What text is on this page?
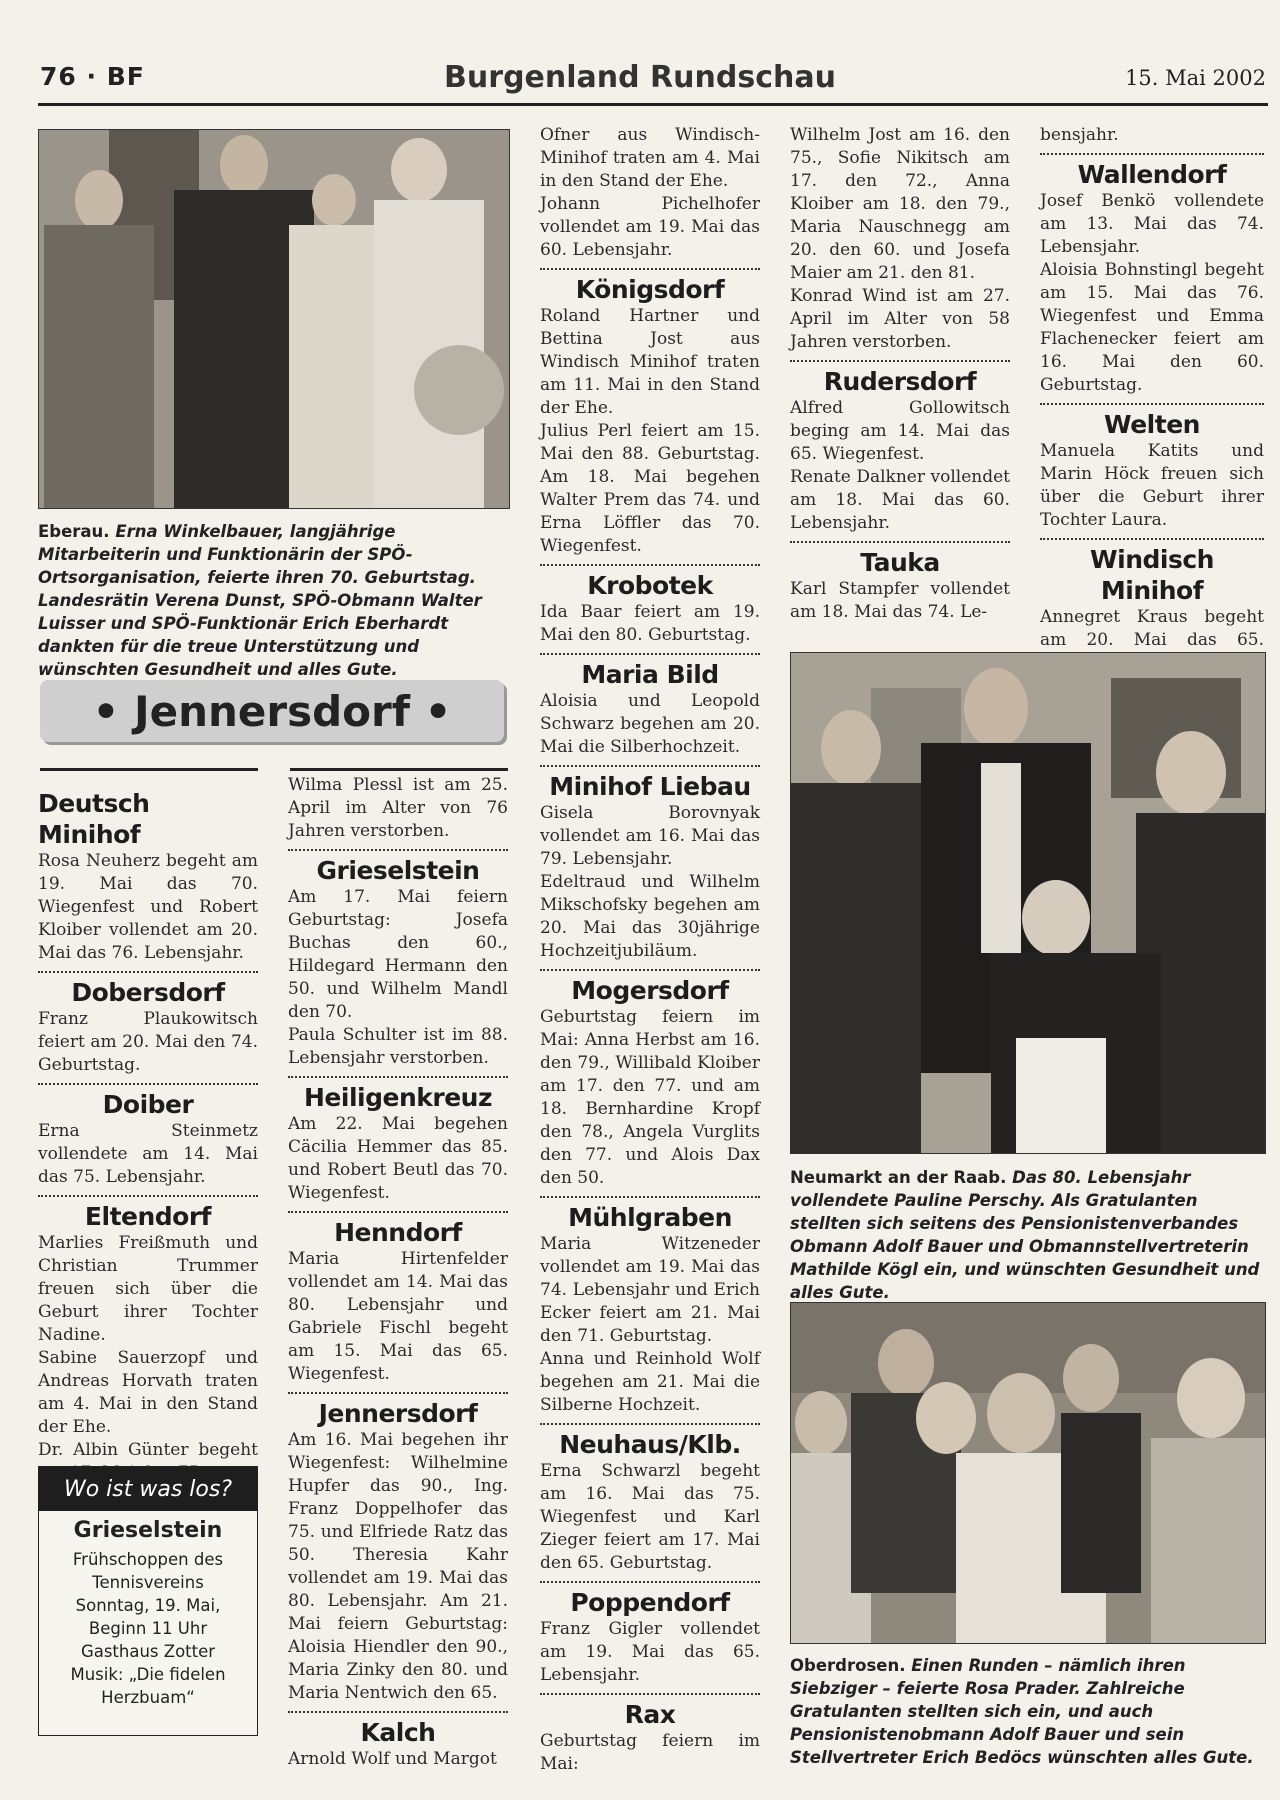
76 · BF	Burgenland Rundschau	15. Mai 2002
Eberau. Erna Winkelbauer, langjährige Mitarbeiterin und Funktionärin der SPÖ-Ortsorganisation, feierte ihren 70. Geburtstag. Landesrätin Verena Dunst, SPÖ-Obmann Walter Luisser und SPÖ-Funktionär Erich Eberhardt dankten für die treue Unterstützung und wünschten Gesundheit und alles Gute.
• Jennersdorf •
Deutsch Minihof

Rosa Neuherz begeht am 19. Mai das 70. Wiegenfest und Robert Kloiber vollendet am 20. Mai das 76. Lebensjahr.

Dobersdorf

Franz Plaukowitsch feiert am 20. Mai den 74. Geburtstag.

Doiber

Erna Steinmetz vollendete am 14. Mai das 75. Lebensjahr.

Eltendorf

Marlies Freißmuth und Christian Trummer freuen sich über die Geburt ihrer Tochter Nadine.

Sabine Sauerzopf und Andreas Horvath traten am 4. Mai in den Stand der Ehe.

Dr. Albin Günter begeht

Wo ist was los?
Grieselstein
Frühschoppen des
Tennisvereins
Sonntag, 19. Mai,
Beginn 11 Uhr
Gasthaus Zotter
Musik: „Die fidelen
Herzbuam“

Wilma Plessl ist am 25. April im Alter von 76 Jahren verstorben.

Grieselstein

Am 17. Mai feiern Geburtstag: Josefa Buchas den 60., Hildegard Hermann den 50. und Wilhelm Mandl den 70.

Paula Schulter ist im 88. Lebensjahr verstorben.

Heiligenkreuz

Am 22. Mai begehen Cäcilia Hemmer das 85. und Robert Beutl das 70. Wiegenfest.

Henndorf

Maria Hirtenfelder vollendet am 14. Mai das 80. Lebensjahr und Gabriele Fischl begeht am 15. Mai das 65. Wiegenfest.

Jennersdorf

Am 16. Mai begehen ihr Wiegenfest: Wilhelmine Hupfer das 90., Ing. Franz Doppelhofer das 75. und Elfriede Ratz das 50. Theresia Kahr vollendet am 19. Mai das 80. Lebensjahr. Am 21. Mai feiern Geburtstag: Aloisia Hiendler den 90., Maria Zinky den 80. und Maria Nentwich den 65.

Kalch

Arnold Wolf und Margot

Ofner aus Windisch-Minihof traten am 4. Mai in den Stand der Ehe.

Johann Pichelhofer vollendet am 19. Mai das 60. Lebensjahr.

Königsdorf

Roland Hartner und Bettina Jost aus Windisch Minihof traten am 11. Mai in den Stand der Ehe.

Julius Perl feiert am 15. Mai den 88. Geburtstag. Am 18. Mai begehen Walter Prem das 74. und Erna Löffler das 70. Wiegenfest.

Krobotek

Ida Baar feiert am 19. Mai den 80. Geburtstag.

Maria Bild

Aloisia und Leopold Schwarz begehen am 20. Mai die Silberhochzeit.

Minihof Liebau

Gisela Borovnyak vollendet am 16. Mai das 79. Lebensjahr.

Edeltraud und Wilhelm Mikschofsky begehen am 20. Mai das 30jährige Hochzeitjubiläum.

Mogersdorf

Geburtstag feiern im Mai: Anna Herbst am 16. den 79., Willibald Kloiber am 17. den 77. und am 18. Bernhardine Kropf den 78., Angela Vurglits den 77. und Alois Dax den 50.

Mühlgraben

Maria Witzeneder vollendet am 19. Mai das 74. Lebensjahr und Erich Ecker feiert am 21. Mai den 71. Geburtstag.

Anna und Reinhold Wolf begehen am 21. Mai die Silberne Hochzeit.

Neuhaus/Klb.

Erna Schwarzl begeht am 16. Mai das 75. Wiegenfest und Karl Zieger feiert am 17. Mai den 65. Geburtstag.

Poppendorf

Franz Gigler vollendet am 19. Mai das 65. Lebensjahr.

Rax

Geburtstag feiern im Mai:

Wilhelm Jost am 16. den 75., Sofie Nikitsch am 17. den 72., Anna Kloiber am 18. den 79., Maria Nauschnegg am 20. den 60. und Josefa Maier am 21. den 81.

Konrad Wind ist am 27. April im Alter von 58 Jahren verstorben.

Rudersdorf

Alfred Gollowitsch beging am 14. Mai das 65. Wiegenfest.

Renate Dalkner vollendet am 18. Mai das 60. Lebensjahr.

Tauka

Karl Stampfer vollendet am 18. Mai das 74. Le-

bensjahr.

Wallendorf

Josef Benkö vollendete am 13. Mai das 74. Lebensjahr.

Aloisia Bohnstingl begeht am 15. Mai das 76. Wiegenfest und Emma Flachenecker feiert am 16. Mai den 60. Geburtstag.

Welten

Manuela Katits und Marin Höck freuen sich über die Geburt ihrer Tochter Laura.

Windisch Minihof

Annegret Kraus begeht am 20. Mai das 65.

Neumarkt an der Raab. Das 80. Lebensjahr vollendete Pauline Perschy. Als Gratulanten stellten sich seitens des Pensionistenverbandes Obmann Adolf Bauer und Obmannstellvertreterin Mathilde Kögl ein, und wünschten Gesundheit und alles Gute.
Oberdrosen. Einen Runden – nämlich ihren Siebziger – feierte Rosa Prader. Zahlreiche Gratulanten stellten sich ein, und auch Pensionistenobmann Adolf Bauer und sein Stellvertreter Erich Bedöcs wünschten alles Gute.
